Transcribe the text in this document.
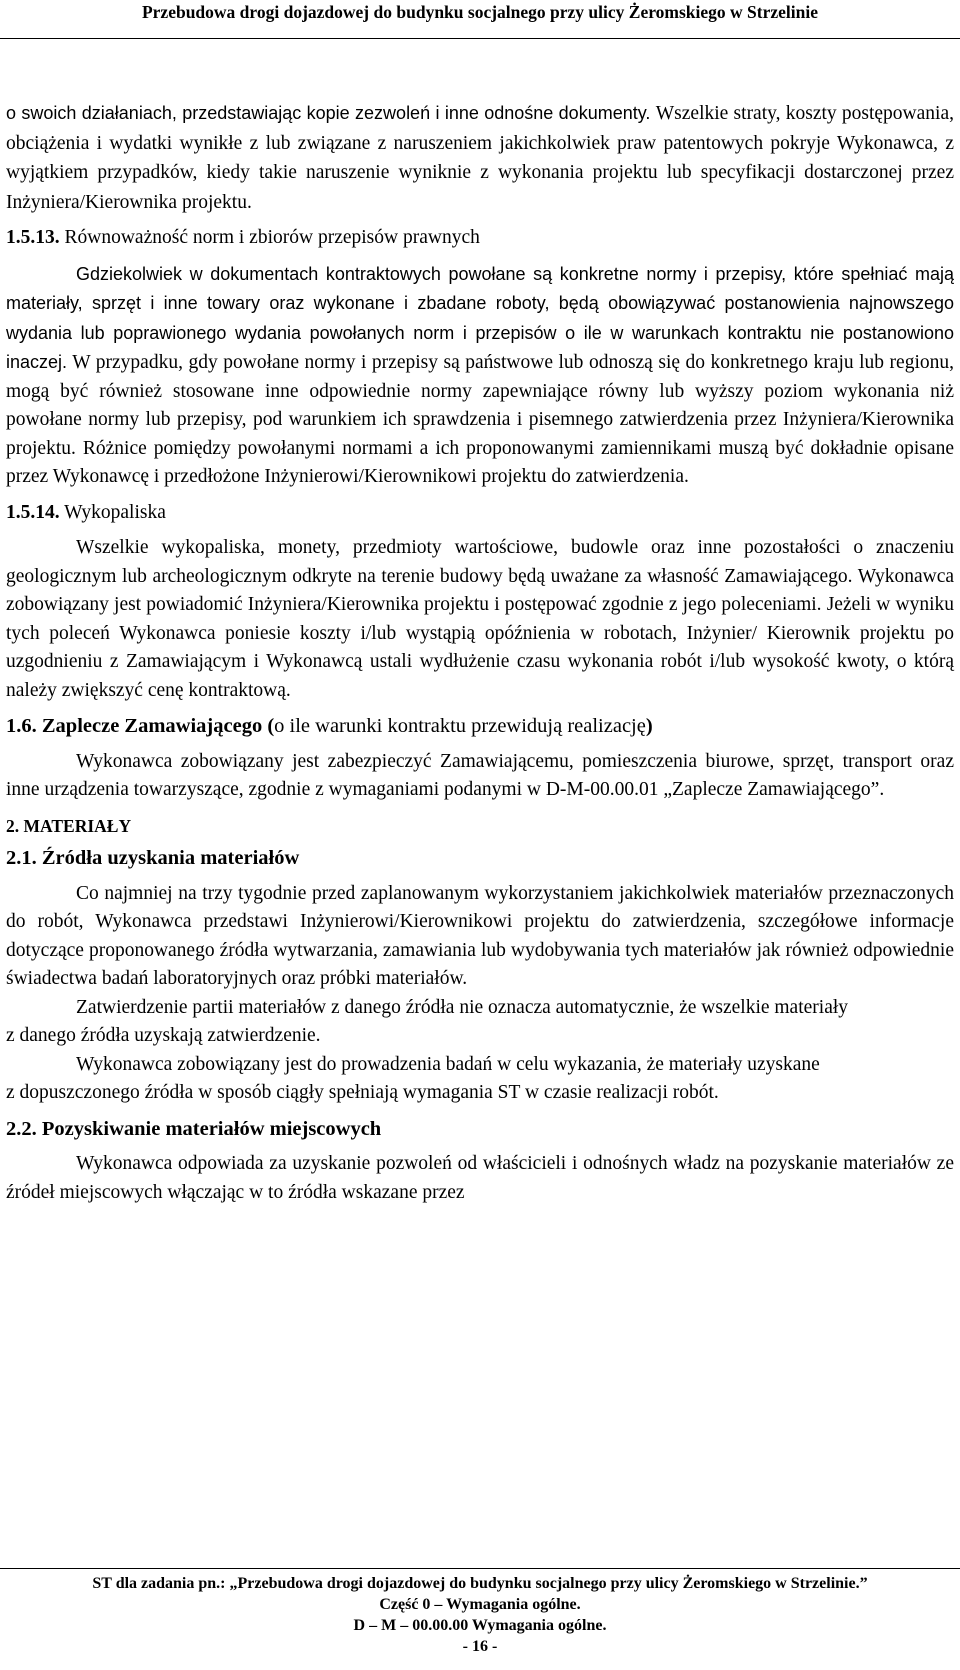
Przebudowa drogi dojazdowej do budynku socjalnego przy ulicy Żeromskiego w Strzelinie

o swoich działaniach, przedstawiając kopie zezwoleń i inne odnośne dokumenty. Wszelkie straty, koszty postępowania, obciążenia i wydatki wynikłe z lub związane z naruszeniem jakichkolwiek praw patentowych pokryje Wykonawca, z wyjątkiem przypadków, kiedy takie naruszenie wyniknie z wykonania projektu lub specyfikacji dostarczonej przez Inżyniera/Kierownika projektu.

1.5.13. Równoważność norm i zbiorów przepisów prawnych

Gdziekolwiek w dokumentach kontraktowych powołane są konkretne normy i przepisy, które spełniać mają materiały, sprzęt i inne towary oraz wykonane i zbadane roboty, będą obowiązywać postanowienia najnowszego wydania lub poprawionego wydania powołanych norm i przepisów o ile w warunkach kontraktu nie postanowiono inaczej. W przypadku, gdy powołane normy i przepisy są państwowe lub odnoszą się do konkretnego kraju lub regionu, mogą być również stosowane inne odpowiednie normy zapewniające równy lub wyższy poziom wykonania niż powołane normy lub przepisy, pod warunkiem ich sprawdzenia i pisemnego zatwierdzenia przez Inżyniera/Kierownika projektu. Różnice pomiędzy powołanymi normami a ich proponowanymi zamiennikami muszą być dokładnie opisane przez Wykonawcę i przedłożone Inżynierowi/Kierownikowi projektu do zatwierdzenia.

1.5.14. Wykopaliska

Wszelkie wykopaliska, monety, przedmioty wartościowe, budowle oraz inne pozostałości o znaczeniu geologicznym lub archeologicznym odkryte na terenie budowy będą uważane za własność Zamawiającego. Wykonawca zobowiązany jest powiadomić Inżyniera/Kierownika projektu i postępować zgodnie z jego poleceniami. Jeżeli w wyniku tych poleceń Wykonawca poniesie koszty i/lub wystąpią opóźnienia w robotach, Inżynier/ Kierownik projektu po uzgodnieniu z Zamawiającym i Wykonawcą ustali wydłużenie czasu wykonania robót i/lub wysokość kwoty, o którą należy zwiększyć cenę kontraktową.

1.6. Zaplecze Zamawiającego (o ile warunki kontraktu przewidują realizację)

Wykonawca zobowiązany jest zabezpieczyć Zamawiającemu, pomieszczenia biurowe, sprzęt, transport oraz inne urządzenia towarzyszące, zgodnie z wymaganiami podanymi w D-M-00.00.01 „Zaplecze Zamawiającego”.

2. MATERIAŁY

2.1. Źródła uzyskania materiałów

Co najmniej na trzy tygodnie przed zaplanowanym wykorzystaniem jakichkolwiek materiałów przeznaczonych do robót, Wykonawca przedstawi Inżynierowi/Kierownikowi projektu do zatwierdzenia, szczegółowe informacje dotyczące proponowanego źródła wytwarzania, zamawiania lub wydobywania tych materiałów jak również odpowiednie świadectwa badań laboratoryjnych oraz próbki materiałów.

Zatwierdzenie partii materiałów z danego źródła nie oznacza automatycznie, że wszelkie materiały

z danego źródła uzyskają zatwierdzenie.

Wykonawca zobowiązany jest do prowadzenia badań w celu wykazania, że materiały uzyskane

z dopuszczonego źródła w sposób ciągły spełniają wymagania ST w czasie realizacji robót.

2.2. Pozyskiwanie materiałów miejscowych

Wykonawca odpowiada za uzyskanie pozwoleń od właścicieli i odnośnych władz na pozyskanie materiałów ze źródeł miejscowych włączając w to źródła wskazane przez

ST dla zadania pn.: „Przebudowa drogi dojazdowej do budynku socjalnego przy ulicy Żeromskiego w Strzelinie.”
Część 0 – Wymagania ogólne.
D – M – 00.00.00 Wymagania ogólne.
- 16 -
